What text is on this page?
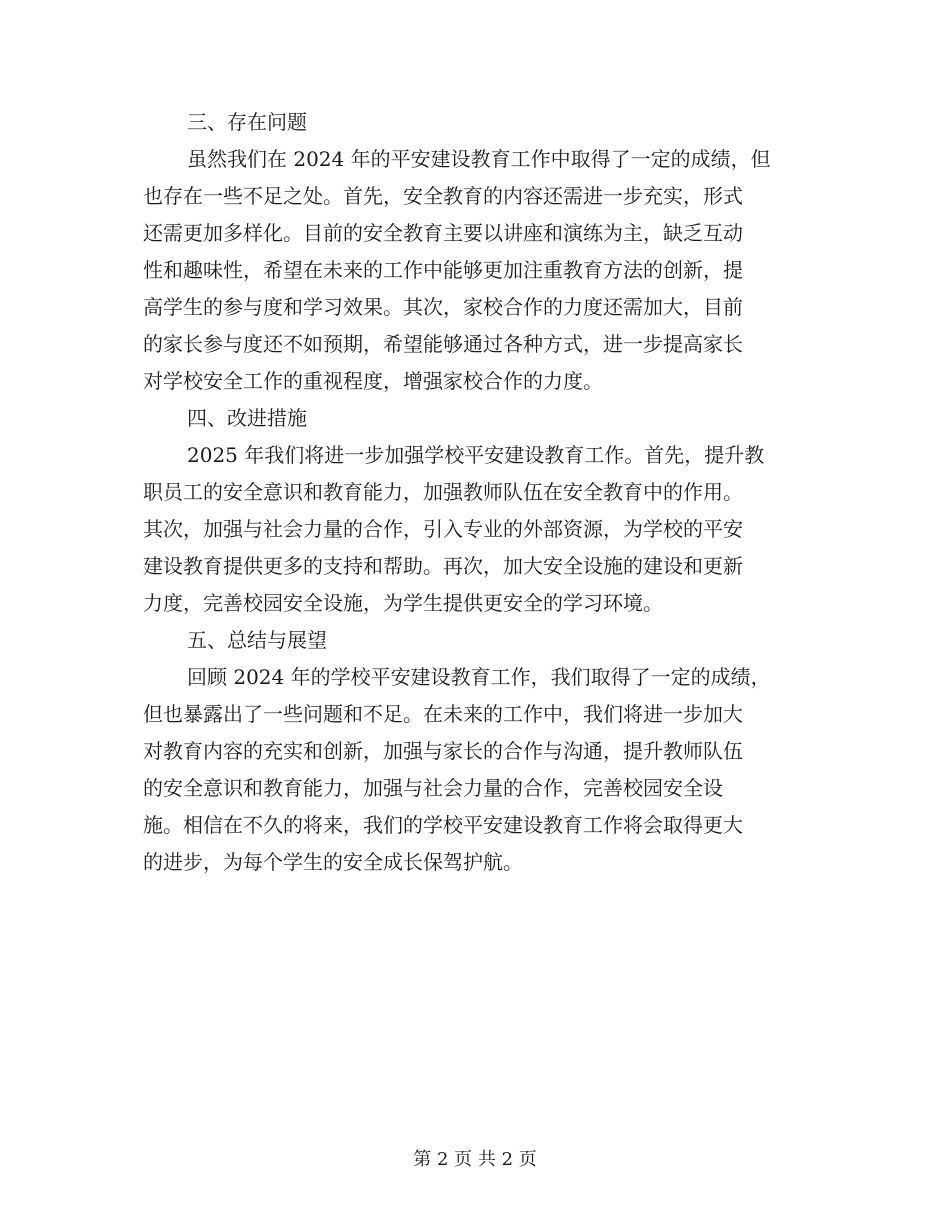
三、存在问题
虽然我们在 2024 年的平安建设教育工作中取得了一定的成绩，但
也存在一些不足之处。首先，安全教育的内容还需进一步充实，形式
还需更加多样化。目前的安全教育主要以讲座和演练为主，缺乏互动
性和趣味性，希望在未来的工作中能够更加注重教育方法的创新，提
高学生的参与度和学习效果。其次，家校合作的力度还需加大，目前
的家长参与度还不如预期，希望能够通过各种方式，进一步提高家长
对学校安全工作的重视程度，增强家校合作的力度。
四、改进措施
2025 年我们将进一步加强学校平安建设教育工作。首先，提升教
职员工的安全意识和教育能力，加强教师队伍在安全教育中的作用。
其次，加强与社会力量的合作，引入专业的外部资源，为学校的平安
建设教育提供更多的支持和帮助。再次，加大安全设施的建设和更新
力度，完善校园安全设施，为学生提供更安全的学习环境。
五、总结与展望
回顾 2024 年的学校平安建设教育工作，我们取得了一定的成绩，
但也暴露出了一些问题和不足。在未来的工作中，我们将进一步加大
对教育内容的充实和创新，加强与家长的合作与沟通，提升教师队伍
的安全意识和教育能力，加强与社会力量的合作，完善校园安全设
施。相信在不久的将来，我们的学校平安建设教育工作将会取得更大
的进步，为每个学生的安全成长保驾护航。
第 2 页 共 2 页
